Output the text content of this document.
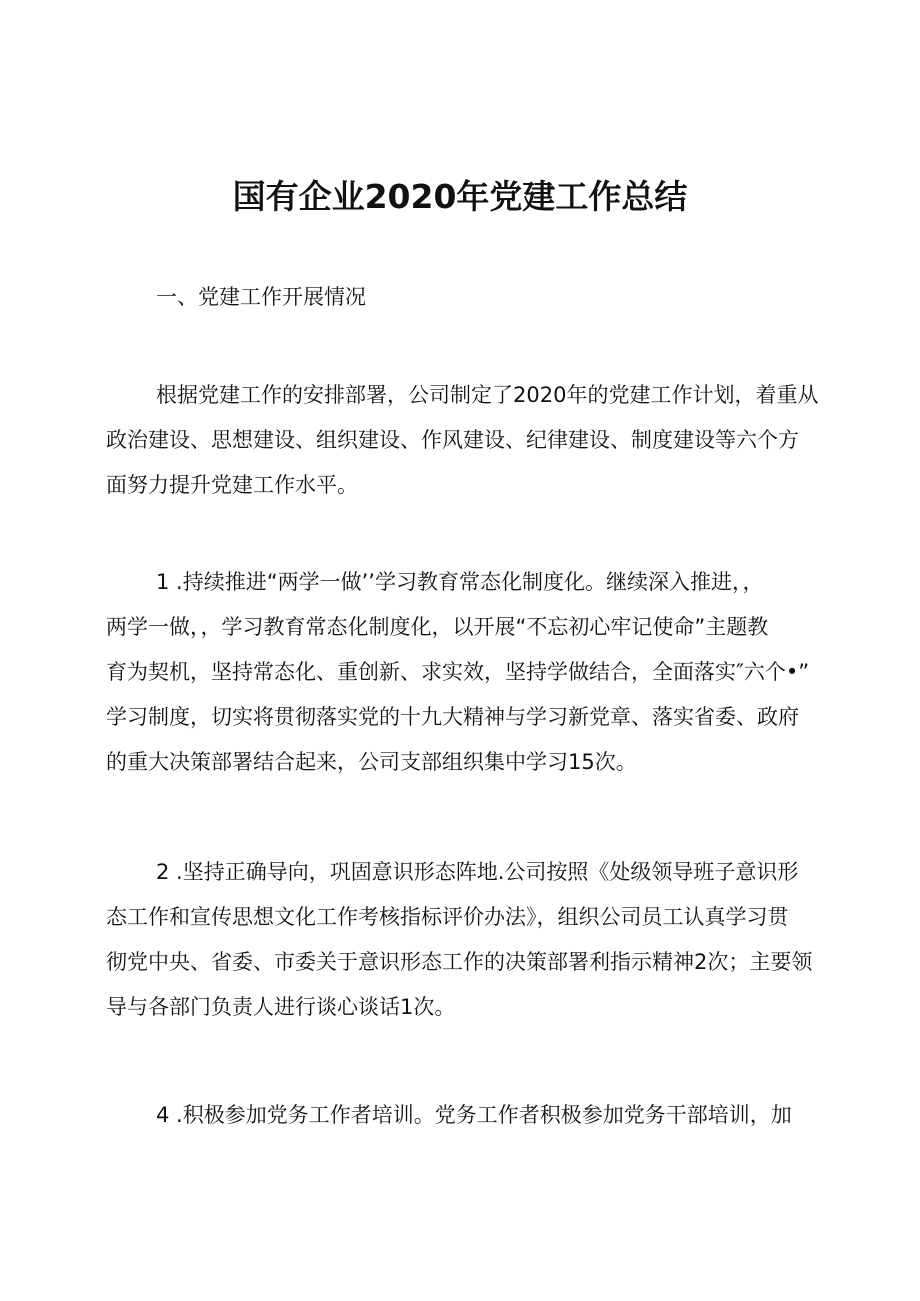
国有企业2020年党建工作总结

一、党建工作开展情况

根据党建工作的安排部署，公司制定了2020年的党建工作计划，着重从
政治建设、思想建设、组织建设、作风建设、纪律建设、制度建设等六个方
面努力提升党建工作水平。

1 .持续推进“两学一做’’学习教育常态化制度化。继续深入推进，，
两学一做，，学习教育常态化制度化，以开展“不忘初心牢记使命”主题教
育为契机，坚持常态化、重创新、求实效，坚持学做结合，全面落实″六个•”
学习制度，切实将贯彻落实党的十九大精神与学习新党章、落实省委、政府
的重大决策部署结合起来，公司支部组织集中学习15次。

2 .坚持正确导向，巩固意识形态阵地.公司按照《处级领导班子意识形
态工作和宣传思想文化工作考核指标评价办法》，组织公司员工认真学习贯
彻党中央、省委、市委关于意识形态工作的决策部署利指示精神2次；主要领
导与各部门负责人进行谈心谈话1次。

4 .积极参加党务工作者培训。党务工作者积极参加党务干部培训，加
